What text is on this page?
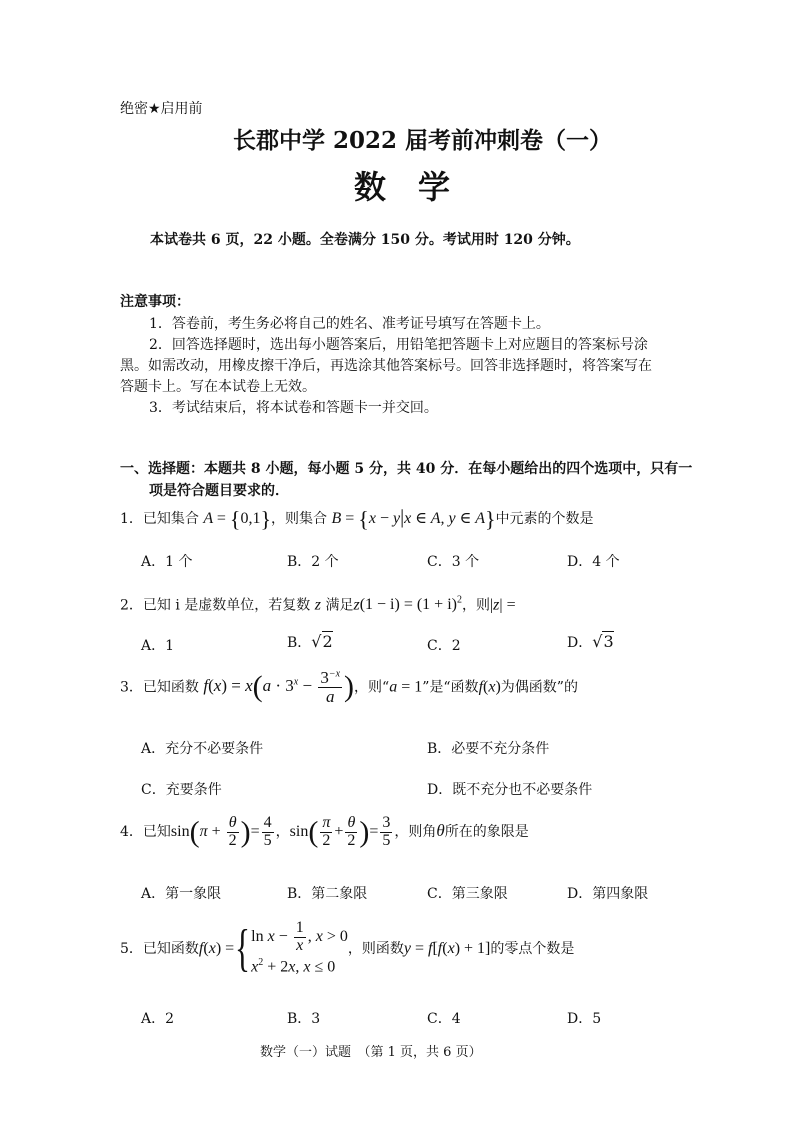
绝密★启用前
长郡中学 2022 届考前冲刺卷（一）
数　学
本试卷共 6 页，22 小题。全卷满分 150 分。考试用时 120 分钟。
注意事项：
1．答卷前，考生务必将自己的姓名、准考证号填写在答题卡上。
2．回答选择题时，选出每小题答案后，用铅笔把答题卡上对应题目的答案标号涂
黑。如需改动，用橡皮擦干净后，再选涂其他答案标号。回答非选择题时，将答案写在
答题卡上。写在本试卷上无效。
3．考试结束后，将本试卷和答题卡一并交回。
一、选择题：本题共 8 小题，每小题 5 分，共 40 分．在每小题给出的四个选项中，只有一
项是符合题目要求的．
1．已知集合 A = {0,1}，则集合 B = {x − y|x ∈ A, y ∈ A}中元素的个数是
A．1 个	B．2 个	C．3 个	D．4 个
2．已知 i 是虚数单位，若复数 z 满足$z(1 - i) = (1 + i)^2$，则|z| =
A．1	B．√2	C．2	D．√3
3．已知函数 $f(x) = x(a \cdot 3^x - \frac{3^{-x}}{a}$ )，则“a = 1”是“函数f(x)为偶函数”的
A．充分不必要条件	B．必要不充分条件
C．充要条件	D．既不充分也不必要条件
4．已知$\sin(\pi + \frac{\theta}{2}$ )= $\frac{4}{5}$ ，$\sin( \frac{\pi}{2} + \frac{\theta}{2}$ )= $\frac{3}{5}$ ，则角θ所在的象限是
A．第一象限	B．第二象限	C．第三象限	D．第四象限
5．已知函数f(x) ={ $\ln x - \frac{1}{x}$ , x > 0
$x^2 + 2x$, x ≤ 0
，则函数y = f[f(x) + 1]的零点个数是
A．2	B．3	C．4	D．5
数学（一）试题　（第 1 页，共 6 页）
